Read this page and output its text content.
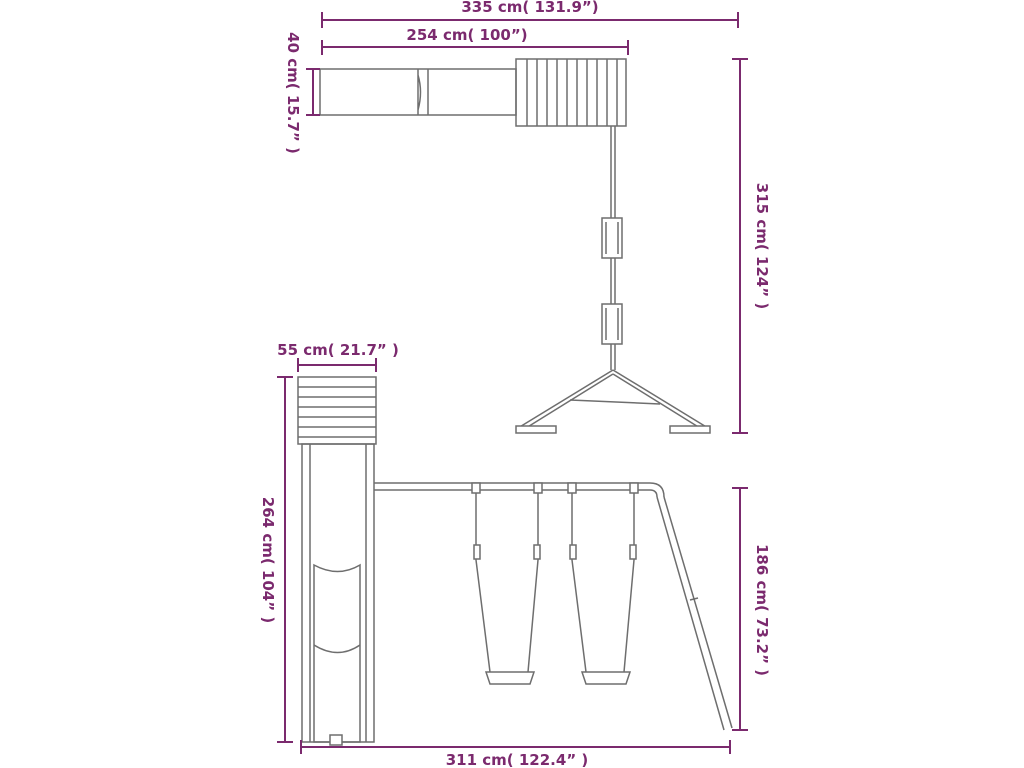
335 cm( 131.9”)
254 cm( 100”)
40 cm( 15.7” )
315 cm( 124” )
55 cm( 21.7” )
264 cm( 104” )	186 cm( 73.2” )
311 cm( 122.4” )
